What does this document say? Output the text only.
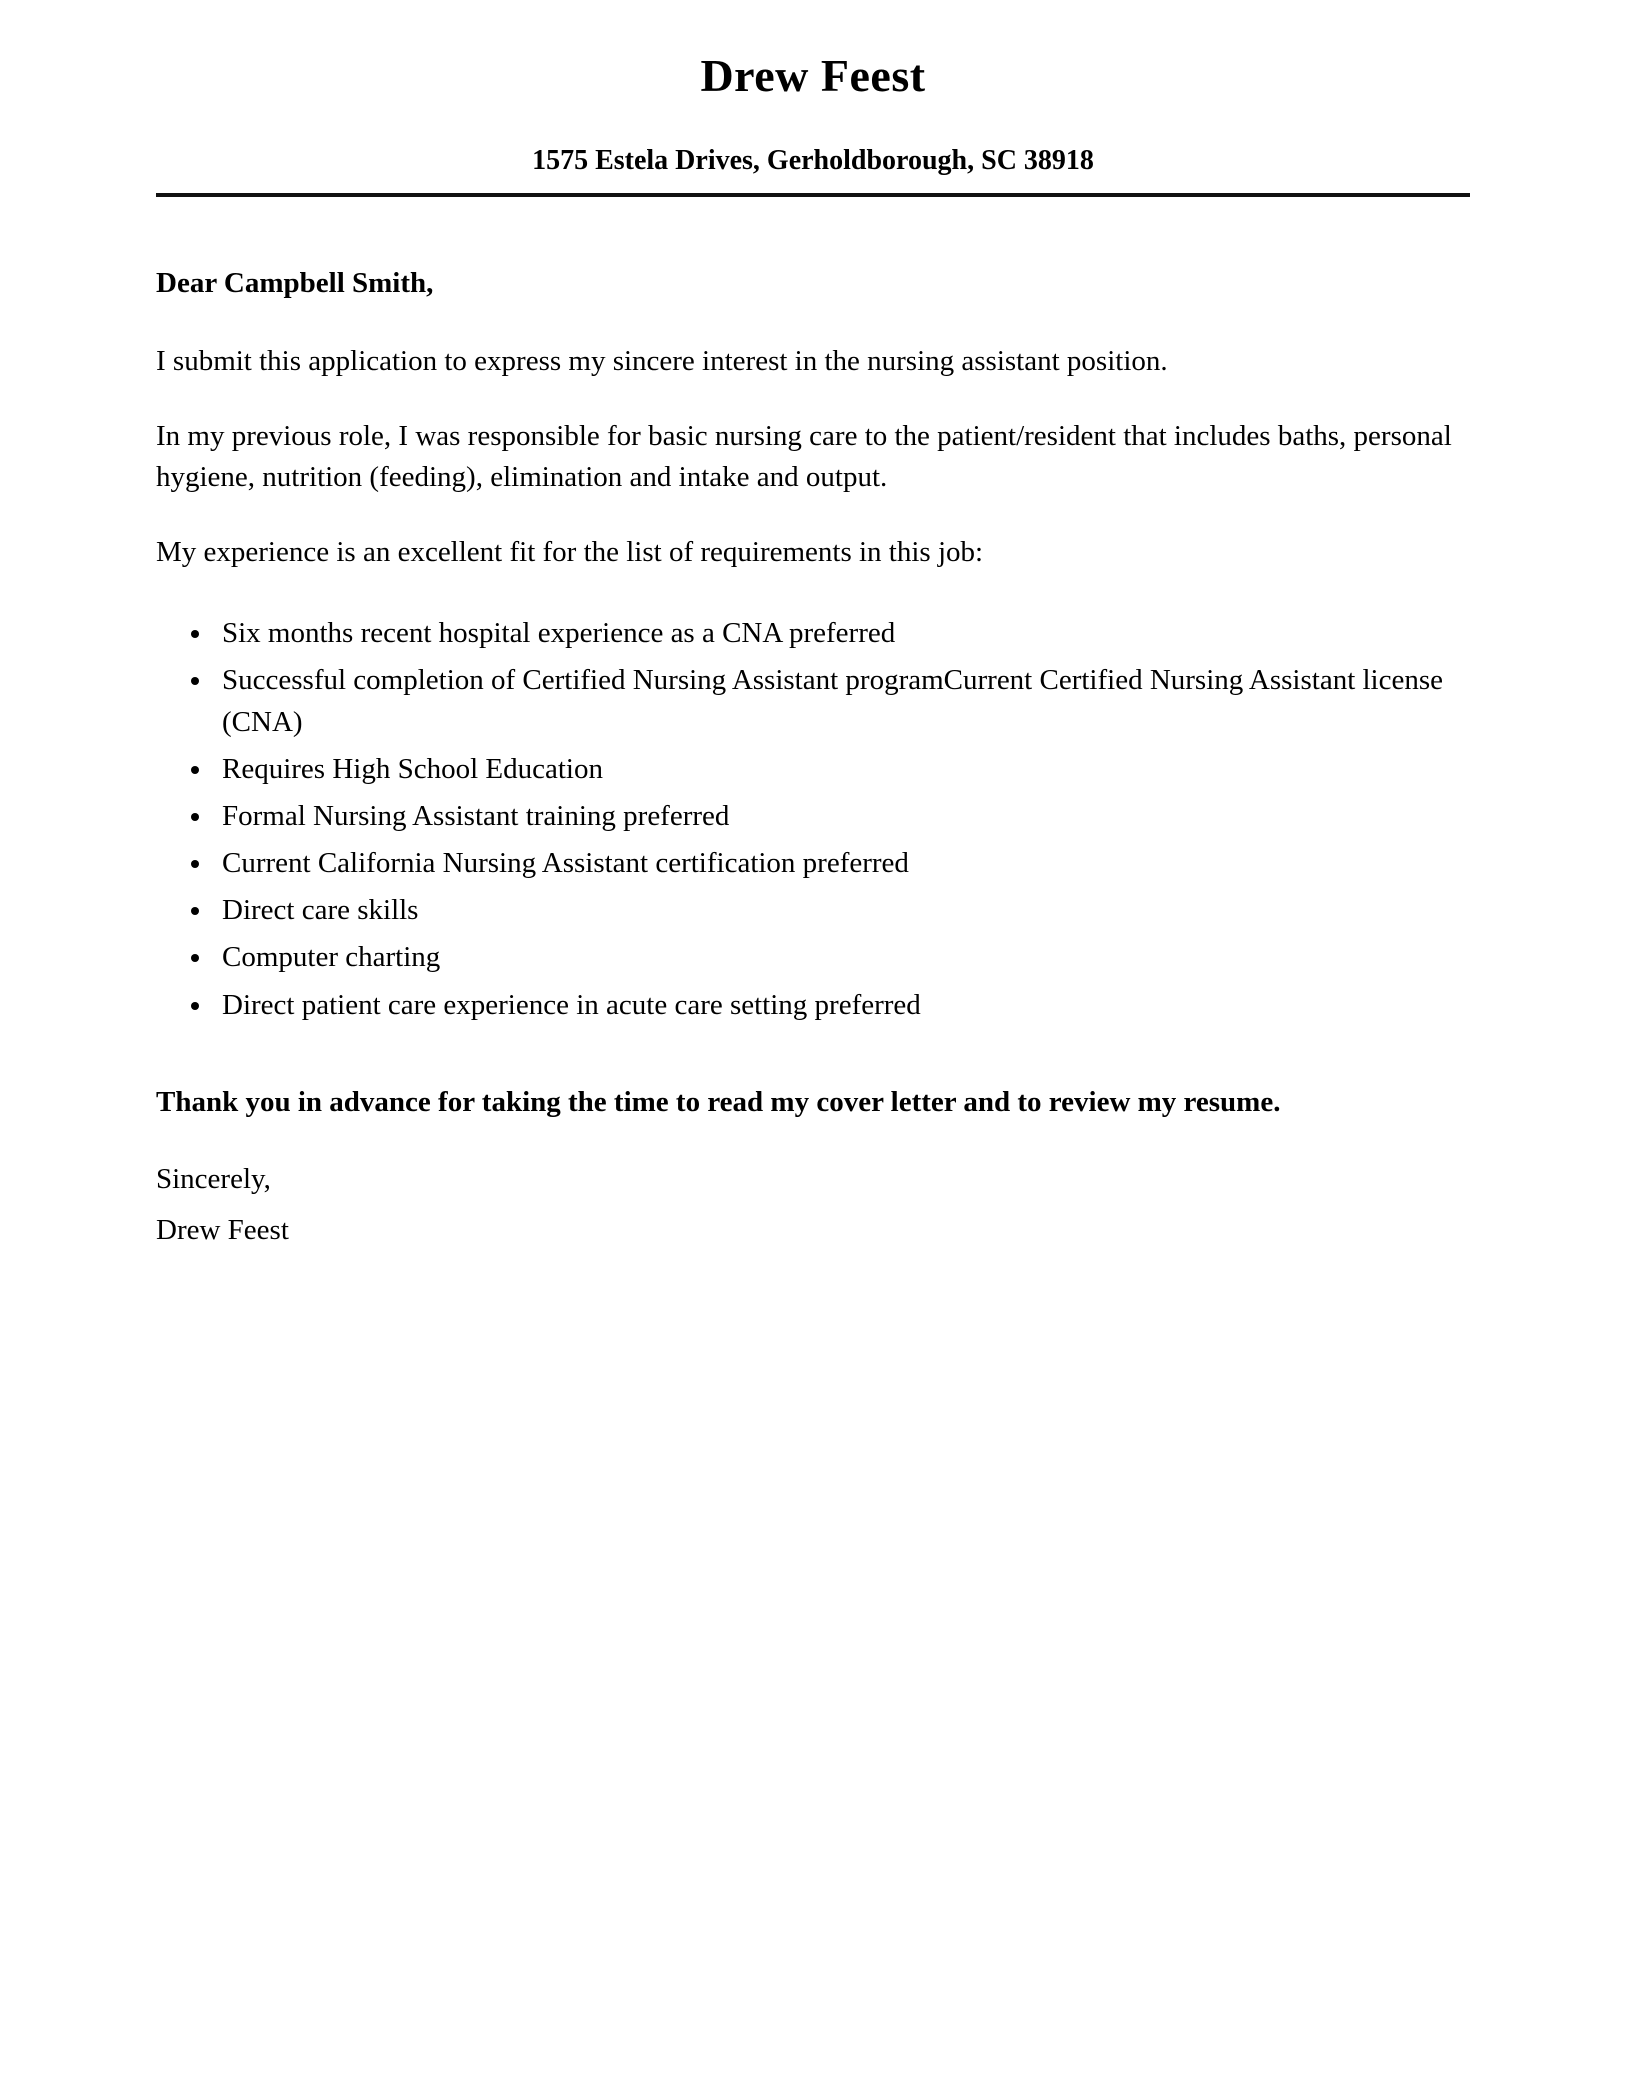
Drew Feest
1575 Estela Drives, Gerholdborough, SC 38918

Dear Campbell Smith,

I submit this application to express my sincere interest in the nursing assistant position.

In my previous role, I was responsible for basic nursing care to the patient/resident that includes baths, personal hygiene, nutrition (feeding), elimination and intake and output.

My experience is an excellent fit for the list of requirements in this job:

• Six months recent hospital experience as a CNA preferred
• Successful completion of Certified Nursing Assistant programCurrent Certified Nursing Assistant license (CNA)
• Requires High School Education
• Formal Nursing Assistant training preferred
• Current California Nursing Assistant certification preferred
• Direct care skills
• Computer charting
• Direct patient care experience in acute care setting preferred

Thank you in advance for taking the time to read my cover letter and to review my resume.

Sincerely,

Drew Feest
